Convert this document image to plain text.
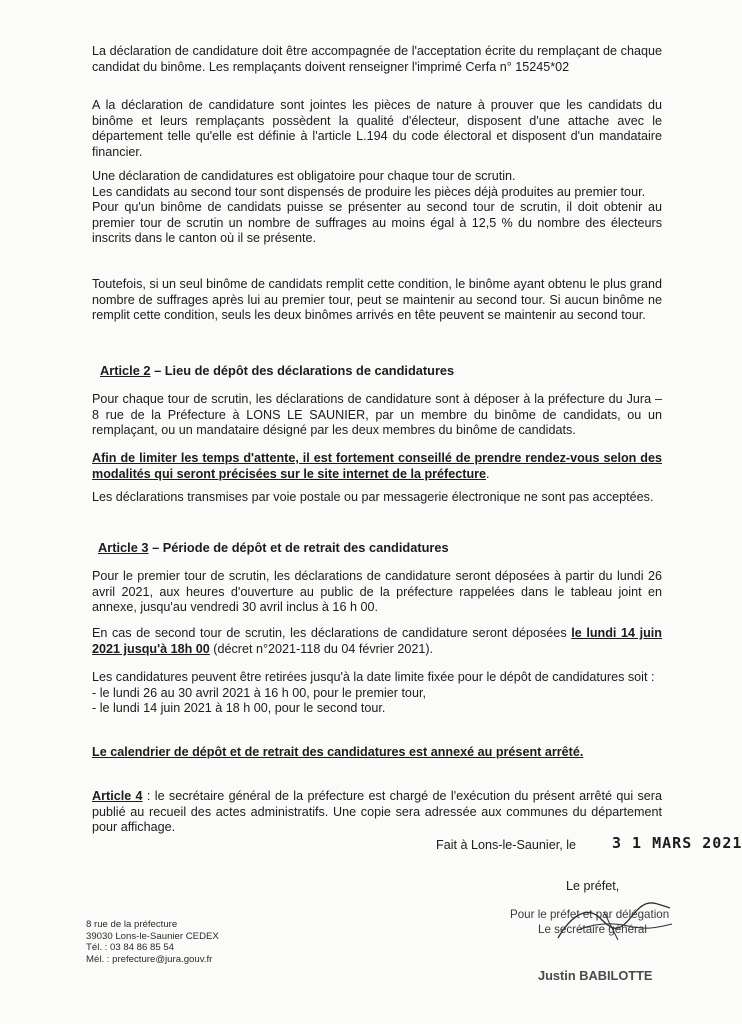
La déclaration de candidature doit être accompagnée de l'acceptation écrite du remplaçant de chaque candidat du binôme. Les remplaçants doivent renseigner l'imprimé Cerfa n° 15245*02

A la déclaration de candidature sont jointes les pièces de nature à prouver que les candidats du binôme et leurs remplaçants possèdent la qualité d'électeur, disposent d'une attache avec le département telle qu'elle est définie à l'article L.194 du code électoral et disposent d'un mandataire financier.

Une déclaration de candidatures est obligatoire pour chaque tour de scrutin.

Les candidats au second tour sont dispensés de produire les pièces déjà produites au premier tour.

Pour qu'un binôme de candidats puisse se présenter au second tour de scrutin, il doit obtenir au premier tour de scrutin un nombre de suffrages au moins égal à 12,5 % du nombre des électeurs inscrits dans le canton où il se présente.

Toutefois, si un seul binôme de candidats remplit cette condition, le binôme ayant obtenu le plus grand nombre de suffrages après lui au premier tour, peut se maintenir au second tour. Si aucun binôme ne remplit cette condition, seuls les deux binômes arrivés en tête peuvent se maintenir au second tour.

Article 2 – Lieu de dépôt des déclarations de candidatures

Pour chaque tour de scrutin, les déclarations de candidature sont à déposer à la préfecture du Jura – 8 rue de la Préfecture à LONS LE SAUNIER, par un membre du binôme de candidats, ou un remplaçant, ou un mandataire désigné par les deux membres du binôme de candidats.

Afin de limiter les temps d'attente, il est fortement conseillé de prendre rendez-vous selon des modalités qui seront précisées sur le site internet de la préfecture.

Les déclarations transmises par voie postale ou par messagerie électronique ne sont pas acceptées.

Article 3 – Période de dépôt et de retrait des candidatures

Pour le premier tour de scrutin, les déclarations de candidature seront déposées à partir du lundi 26 avril 2021, aux heures d'ouverture au public de la préfecture rappelées dans le tableau joint en annexe, jusqu'au vendredi 30 avril inclus à 16 h 00.

En cas de second tour de scrutin, les déclarations de candidature seront déposées le lundi 14 juin 2021 jusqu'à 18h 00 (décret n°2021-118 du 04 février 2021).

Les candidatures peuvent être retirées jusqu'à la date limite fixée pour le dépôt de candidatures soit :

- le lundi 26 au 30 avril 2021 à 16 h 00, pour le premier tour,

- le lundi 14 juin 2021 à 18 h 00, pour le second tour.

Le calendrier de dépôt et de retrait des candidatures est annexé au présent arrêté.

Article 4 : le secrétaire général de la préfecture est chargé de l'exécution du présent arrêté qui sera publié au recueil des actes administratifs. Une copie sera adressée aux communes du département pour affichage.

Fait à Lons-le-Saunier, le 3 1 MARS 2021
Le préfet,
Pour le préfet et par délégation
Le secrétaire général
Justin BABILOTTE
8 rue de la préfecture
39030 Lons-le-Saunier CEDEX
Tél. : 03 84 86 85 54
Mél. : prefecture@jura.gouv.fr
